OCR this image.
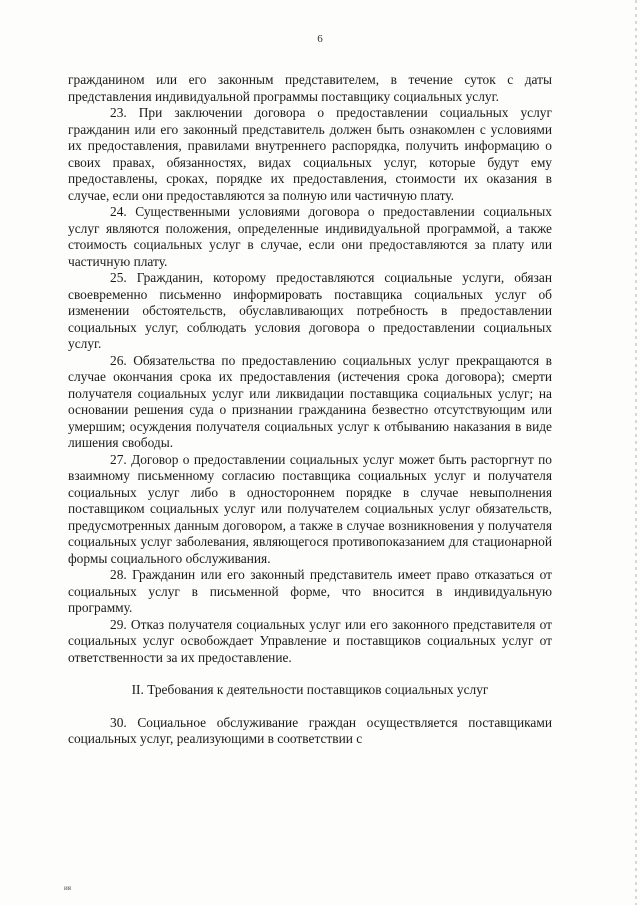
6

гражданином или его законным представителем, в течение суток с даты представления индивидуальной программы поставщику социальных услуг.

23. При заключении договора о предоставлении социальных услуг гражданин или его законный представитель должен быть ознакомлен с условиями их предоставления, правилами внутреннего распорядка, получить информацию о своих правах, обязанностях, видах социальных услуг, которые будут ему предоставлены, сроках, порядке их предоставления, стоимости их оказания в случае, если они предоставляются за полную или частичную плату.

24. Существенными условиями договора о предоставлении социальных услуг являются положения, определенные индивидуальной программой, а также стоимость социальных услуг в случае, если они предоставляются за плату или частичную плату.

25. Гражданин, которому предоставляются социальные услуги, обязан своевременно письменно информировать поставщика социальных услуг об изменении обстоятельств, обуславливающих потребность в предоставлении социальных услуг, соблюдать условия договора о предоставлении социальных услуг.

26. Обязательства по предоставлению социальных услуг прекращаются в случае окончания срока их предоставления (истечения срока договора); смерти получателя социальных услуг или ликвидации поставщика социальных услуг; на основании решения суда о признании гражданина безвестно отсутствующим или умершим; осуждения получателя социальных услуг к отбыванию наказания в виде лишения свободы.

27. Договор о предоставлении социальных услуг может быть расторгнут по взаимному письменному согласию поставщика социальных услуг и получателя социальных услуг либо в одностороннем порядке в случае невыполнения поставщиком социальных услуг или получателем социальных услуг обязательств, предусмотренных данным договором, а также в случае возникновения у получателя социальных услуг заболевания, являющегося противопоказанием для стационарной формы социального обслуживания.

28. Гражданин или его законный представитель имеет право отказаться от социальных услуг в письменной форме, что вносится в индивидуальную программу.

29. Отказ получателя социальных услуг или его законного представителя от социальных услуг освобождает Управление и поставщиков социальных услуг от ответственности за их предоставление.

II. Требования к деятельности поставщиков социальных услуг

30. Социальное обслуживание граждан осуществляется поставщиками социальных услуг, реализующими в соответствии с

ия
